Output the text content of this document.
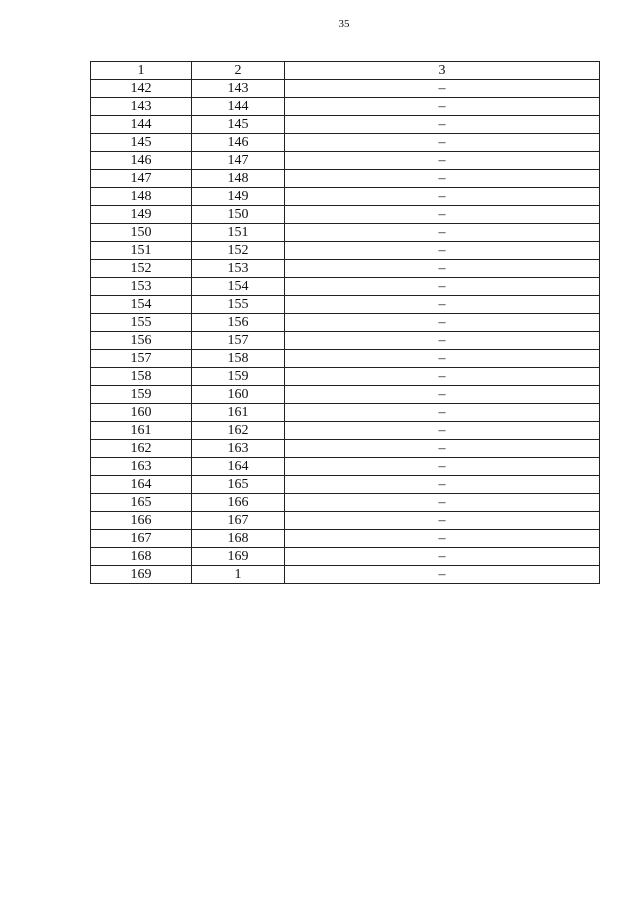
35
1	2	3
142	143	–
143	144	–
144	145	–
145	146	–
146	147	–
147	148	–
148	149	–
149	150	–
150	151	–
151	152	–
152	153	–
153	154	–
154	155	–
155	156	–
156	157	–
157	158	–
158	159	–
159	160	–
160	161	–
161	162	–
162	163	–
163	164	–
164	165	–
165	166	–
166	167	–
167	168	–
168	169	–
169	1	–
